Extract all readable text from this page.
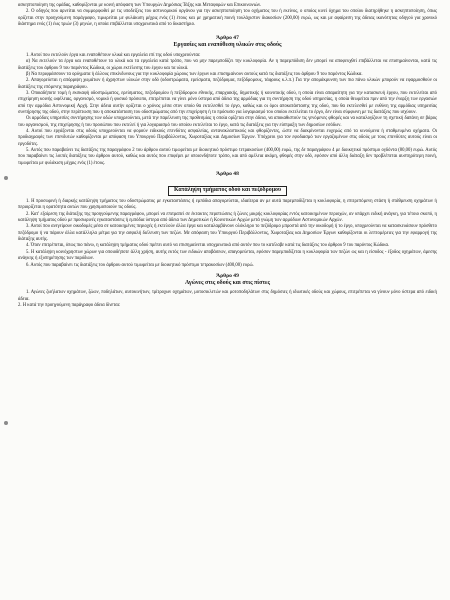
ασκηπτοποίηση της ομάδας, καθορίζονται με κοινή απόφαση των Υπουργών Δημόσιας Τάξης και Μεταφορών και Επικοινωνιών.

2. Ο οδηγός που αρνείται να συμμορφωθεί με τις υποδείξεις του αστυνομικού οργάνου για την ασκηπτοποίηση του οχήματος του ή εκείνος, ο οποίος κινεί όχημα του οποίου διατηρήθηκε η ασκηπτοποίηση, όπως ορίζεται στην προηγούμενη παράγραφο, τιμωρείται με φυλάκιση μέχρις ενός (1) έτους και με χρηματική ποινή τουλάχιστον διακοσίων (200,00) ευρώ, ως και με αφαίρεση της άδειας ικανότητας οδηγού για χρονικό διάστημα ενός (1) έως τριών (3) μηνών, η οποία επιβάλλεται υποχρεωτικά από το δικαστήριο.

Άρθρο 47
Εργασίες και εναπόθεση υλικών στις οδούς

1. Αυτοί που εκτελούν έργα και εναποθέτουν υλικά και εργαλεία επί της οδού υποχρεούνται:

α) Να εκτελούν τα έργα και εναποθέτουν τα υλικά και τα εργαλεία κατά τρόπο, που να μην παρεμποδίζει την κυκλοφορία. Αν η παρεμπόδιση δεν μπορεί να αποφευχθεί επιβάλλεται να επισημαίνονται, κατά τις διατάξεις του άρθρου 9 του παρόντος Κώδικα, οι χώροι εκτέλεσης του έργου και τα υλικά.

β) Να περιφράσσουν τα ορύγματα ή άλλους επικίνδυνους για την κυκλοφορία χώρους των έργων και επισημαίνουν αυτούς κατά τις διατάξεις του άρθρου 9 του παρόντος Κώδικα.

2. Απαγορεύεται η απόρριψη χωμάτων ή άχρηστων υλικών στην οδό (οδοστρώματα, ερείσματα, πεζόδρομια, πεζόδρομους, τάφρους κ.λ.π.) Για την απομάκρυνση των πιο πάνω υλικών μπορούν να εφαρμοσθούν οι διατάξεις της επόμενης παραγράφου.

3. Οποιαδήποτε τομή ή εκσκαφή οδοστρώματος, ερείσματος, πεζοδρομίου ή πεζόδρομου εθνικής, επαρχιακής, δημοτικής ή κοινοτικής οδού, η οποία είναι απαραίτητη για την κατασκευή έργου, που εκτελείται από επιχείρηση κοινής ωφέλειας, οργανισμό, νομικό ή φυσικό πρόσωπο, επιτρέπεται να γίνει μόνο ύστερα από άδεια της αρμόδιας για τη συντήρηση της οδού υπηρεσίας, η οποία θεωρείται πριν από την έναρξη των εργασιών από την αρμόδια Αστυνομική Αρχή. Στην άδεια αυτήν ορίζεται ο χρόνος μέσα στον οποίο θα εκτελεσθεί το έργο, καθώς και οι όροι αποκατάστασης της οδού, που θα εκτελεσθεί με ευθύνη της αρμόδιας υπηρεσίας συντήρησης της οδού, στην περίπτωση που η αποκατάσταση του οδοστρώματος από την επιχείρηση ή το πρόσωπο για λογαριασμό του οποίου εκτελείται το έργο, δεν είναι σύμφωνη με τις διατάξεις που ισχύουν.

Οι αρμόδιες υπηρεσίες συντήρησης των οδών υποχρεούνται, μετά την παρέλευση της προθεσμίας η οποία ορίζεται στην άδεια, να αποκαθιστούν τις γενόμενες φθορές και να καταλογίζουν τη σχετική δαπάνη σε βάρος του οργανισμού, της επιχείρησης ή του προσώπου που εκτελεί ή για λογαριασμό του οποίου εκτελείται το έργο, κατά τις διατάξεις για την είσπραξη των δημοσίων εσόδων.

4. Αυτοί που εργάζονται στις οδούς υποχρεούνται να φορούν ειδικούς επενδύτες ασφαλείας, αντανακλαστικούς και φθορίζοντες, ώστε να διακρίνονται ευχερώς από τα κινούμενα ή σταθμευμένα οχήματα. Οι προδιαγραφές των επενδυτών καθορίζονται με απόφαση του Υπουργού Περιβάλλοντος, Χωροταξίας και Δημοσίων Έργων. Υπόχρεοι για τον εφοδιασμό των εργαζομένων στις οδούς με τους επενδύτες αυτούς είναι οι εργοδότες.

5. Αυτός που παραβαίνει τις διατάξεις της παραγράφου 2 του άρθρου αυτού τιμωρείται με διοικητικό πρόστιμο τετρακοσίων (400,00) ευρώ, της δε παραγράφου 4 με διοικητικό πρόστιμο ογδόντα (80,00) ευρώ. Αυτός που παραβαίνει τις λοιπές διατάξεις του άρθρου αυτού, καθώς και αυτός που επιφέρει με οποιονδήποτε τρόπο, και από αμέλεια ακόμη, φθορές στην οδό, εφόσον από άλλη διάταξη δεν προβλέπεται αυστηρότερη ποινή, τιμωρείται με φυλάκιση μέχρις ενός (1) έτους.

Άρθρο 48
Κατάληψη τμήματος οδού και πεζόδρομου

1. Η προσωρινή ή διαρκής κατάληψη τμήματος του οδοστρώματος με εγκαταστάσεις ή εμπόδια απαγορεύεται, ιδιαίτερα αν με αυτά παρεμποδίζεται η κυκλοφορία, η επιτρεπόμενη στάση ή στάθμευση οχημάτων ή περιορίζεται η ορατότητα αυτών που χρησιμοποιούν τις οδούς.

2. Κατ' εξαίρεση της διάταξης της προηγούμενης παραγράφου, μπορεί να επιτραπεί σε έκτακτες περιπτώσεις ή ζώνες μικρής κυκλοφορίας εντός κατοικημένων περιοχών, αν υπάρχει ειδική ανάγκη, για τέτοιο σκοπό, η κατάληψη τμήματος οδού με προσωρινές εγκαταστάσεις ή εμπόδια ύστερα από άδεια των Δημοτικών ή Κοινοτικών Αρχών μετά γνώμη των αρμόδιων Αστυνομικών Αρχών.

3. Αυτοί που ανεγείρουν οικοδομές μέσα σε κατοικημένες περιοχές ή εκτελούν άλλα έργα και καταλαμβάνουν ολόκληρο το πεζόδρομο μπροστά από την οικοδομή ή το έργο, υποχρεούνται να κατασκευάσουν πρόσθετο πεζόδρομο ή να πάρουν άλλα κατάλληλα μέτρα για την ασφαλή διέλευση των πεζών. Με απόφαση του Υπουργού Περιβάλλοντος, Χωροταξίας και Δημοσίων Έργων καθορίζονται οι λεπτομέρειες για την εφαρμογή της διάταξης αυτής.

4. Όταν επιτρέπεται, όπως πιο πάνω, η κατάληψη τμήματος οδού πρέπει αυτό να επισημαίνεται υποχρεωτικά από αυτόν που το κατέλαβε κατά τις διατάξεις του άρθρου 9 του παρόντος Κώδικα.

5. Η κατάληψη κοινόχρηστων χώρων για οποιοδήποτε άλλη χρήση, αυτής εκτός των ειδικών αποβάσεων, απαγορεύεται, εφόσον παρεμποδίζεται η κυκλοφορία των πεζών ως και η είσοδος - έξοδος οχημάτων, άμεσης ανάγκης ή εξυπηρέτησης των παρόδιων.

6. Αυτός που παραβαίνει τις διατάξεις του άρθρου αυτού τιμωρείται με διοικητικό πρόστιμο τετρακοσίων (400,00) ευρώ.

Άρθρο 49
Αγώνες στις οδούς και στις πίστες

1. Αγώνες ζωήλατων οχημάτων, ζώων, ποδηλάτων, αυτοκινήτων, τρίτροχων οχημάτων, μοτοσικλετών και μοτοποδηλάτων στις δημόσιες ή ιδιωτικές οδούς και χώρους, επιτρέπεται να γίνουν μόνο ύστερα από ειδική άδεια.

2. Η κατά την προηγούμενη παράγραφο άδεια δίνεται:
